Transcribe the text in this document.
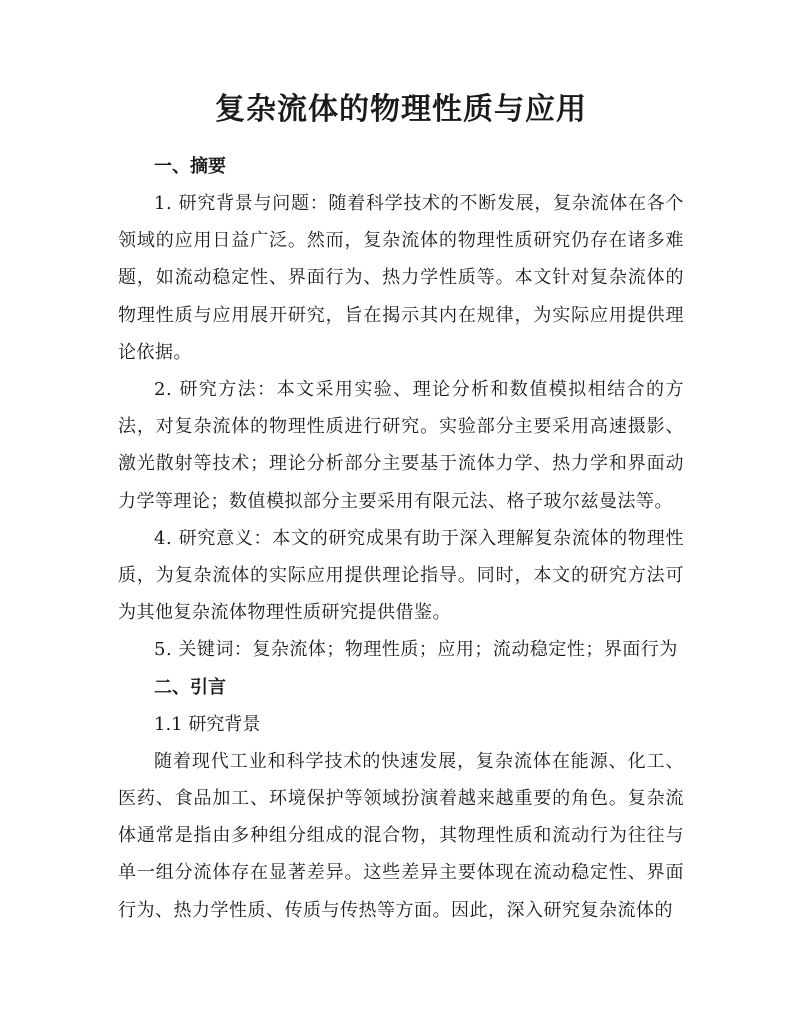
复杂流体的物理性质与应用
一、摘要

1. 研究背景与问题：随着科学技术的不断发展，复杂流体在各个领域的应用日益广泛。然而，复杂流体的物理性质研究仍存在诸多难题，如流动稳定性、界面行为、热力学性质等。本文针对复杂流体的物理性质与应用展开研究，旨在揭示其内在规律，为实际应用提供理论依据。

2. 研究方法：本文采用实验、理论分析和数值模拟相结合的方法，对复杂流体的物理性质进行研究。实验部分主要采用高速摄影、激光散射等技术；理论分析部分主要基于流体力学、热力学和界面动力学等理论；数值模拟部分主要采用有限元法、格子玻尔兹曼法等。

4. 研究意义：本文的研究成果有助于深入理解复杂流体的物理性质，为复杂流体的实际应用提供理论指导。同时，本文的研究方法可为其他复杂流体物理性质研究提供借鉴。

5. 关键词：复杂流体；物理性质；应用；流动稳定性；界面行为

二、引言

1.1 研究背景

随着现代工业和科学技术的快速发展，复杂流体在能源、化工、医药、食品加工、环境保护等领域扮演着越来越重要的角色。复杂流体通常是指由多种组分组成的混合物，其物理性质和流动行为往往与单一组分流体存在显著差异。这些差异主要体现在流动稳定性、界面行为、热力学性质、传质与传热等方面。因此，深入研究复杂流体的
